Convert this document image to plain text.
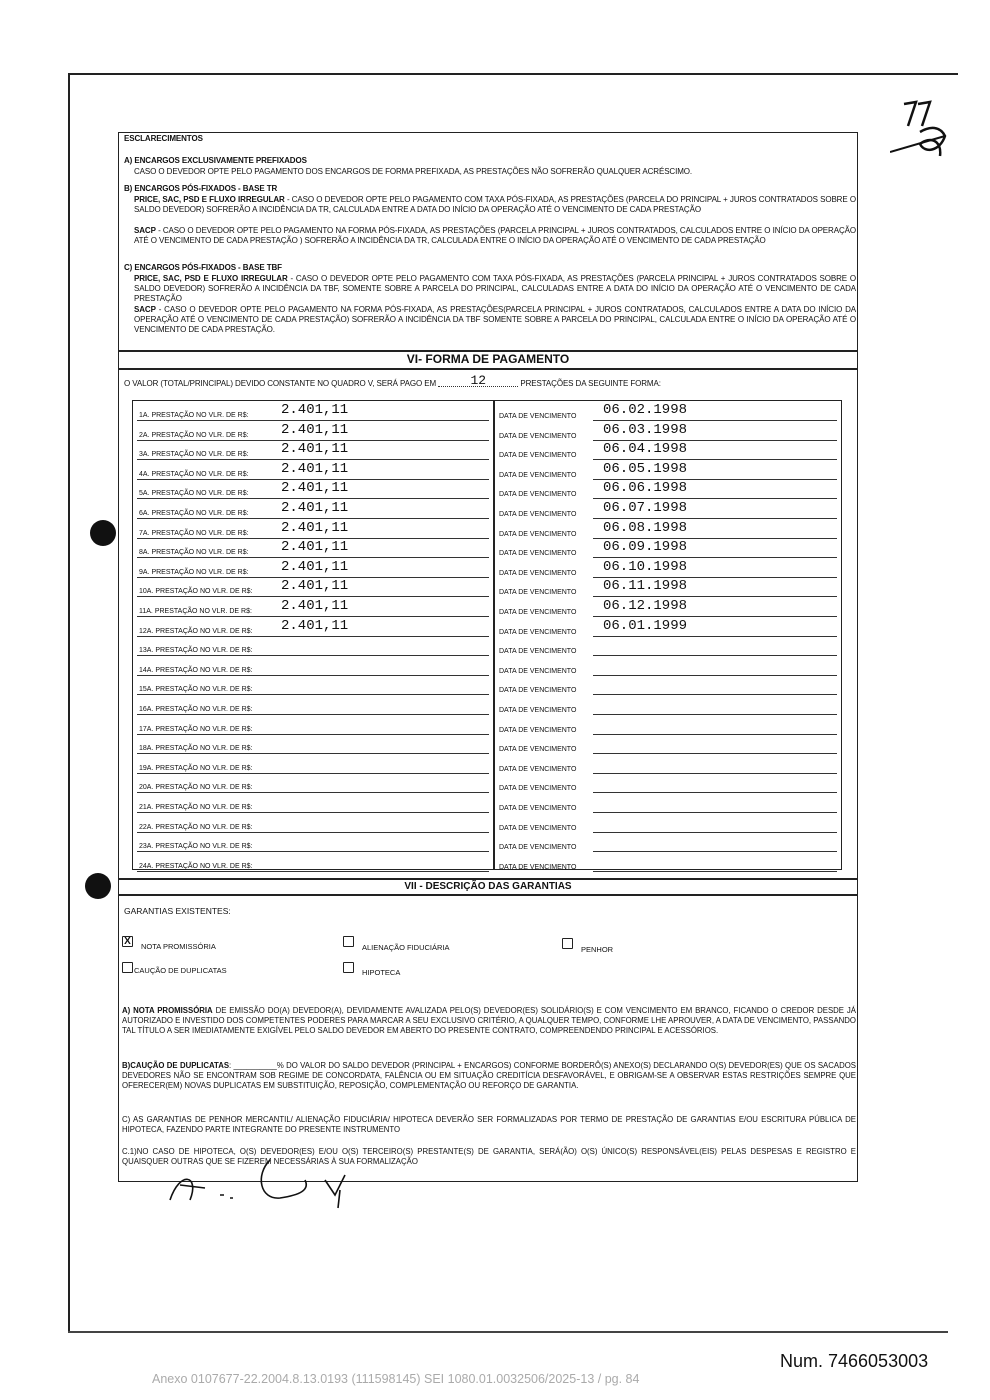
ESCLARECIMENTOS
A) ENCARGOS EXCLUSIVAMENTE PREFIXADOS
CASO O DEVEDOR OPTE PELO PAGAMENTO DOS ENCARGOS DE FORMA PREFIXADA, AS PRESTAÇÕES NÃO SOFRERÃO QUALQUER ACRÉSCIMO.
B) ENCARGOS PÓS-FIXADOS - BASE TR
PRICE, SAC, PSD E FLUXO IRREGULAR - CASO O DEVEDOR OPTE PELO PAGAMENTO COM TAXA PÓS-FIXADA, AS PRESTAÇÕES (PARCELA DO PRINCIPAL + JUROS CONTRATADOS SOBRE O SALDO DEVEDOR) SOFRERÃO A INCIDÊNCIA DA TR, CALCULADA ENTRE A DATA DO INÍCIO DA OPERAÇÃO ATÉ O VENCIMENTO DE CADA PRESTAÇÃO
SACP - CASO O DEVEDOR OPTE PELO PAGAMENTO NA FORMA PÓS-FIXADA, AS PRESTAÇÕES (PARCELA PRINCIPAL + JUROS CONTRATADOS, CALCULADOS ENTRE O INÍCIO DA OPERAÇÃO ATÉ O VENCIMENTO DE CADA PRESTAÇÃO ) SOFRERÃO A INCIDÊNCIA DA TR, CALCULADA ENTRE O INÍCIO DA OPERAÇÃO ATÉ O VENCIMENTO DE CADA PRESTAÇÃO
C) ENCARGOS PÓS-FIXADOS - BASE TBF
PRICE, SAC, PSD E FLUXO IRREGULAR - CASO O DEVEDOR OPTE PELO PAGAMENTO COM TAXA PÓS-FIXADA, AS PRESTAÇÕES (PARCELA PRINCIPAL + JUROS CONTRATADOS SOBRE O SALDO DEVEDOR) SOFRERÃO A INCIDÊNCIA DA TBF, SOMENTE SOBRE A PARCELA DO PRINCIPAL, CALCULADAS ENTRE A DATA DO INÍCIO DA OPERAÇÃO ATÉ O VENCIMENTO DE CADA PRESTAÇÃO
SACP - CASO O DEVEDOR OPTE PELO PAGAMENTO NA FORMA PÓS-FIXADA, AS PRESTAÇÕES(PARCELA PRINCIPAL + JUROS CONTRATADOS, CALCULADOS ENTRE A DATA DO INÍCIO DA OPERAÇÃO ATÉ O VENCIMENTO DE CADA PRESTAÇÃO) SOFRERÃO A INCIDÊNCIA DA TBF SOMENTE SOBRE A PARCELA DO PRINCIPAL, CALCULADA ENTRE O INÍCIO DA OPERAÇÃO ATÉ O VENCIMENTO DE CADA PRESTAÇÃO.
VI- FORMA DE PAGAMENTO
O VALOR (TOTAL/PRINCIPAL) DEVIDO CONSTANTE NO QUADRO V, SERÁ PAGO EM	12	PRESTAÇÕES DA SEGUINTE FORMA:
1A. PRESTAÇÃO NO VLR. DE R$: 2.401,11	DATA DE VENCIMENTO 06.02.1998
2A. PRESTAÇÃO NO VLR. DE R$: 2.401,11	DATA DE VENCIMENTO 06.03.1998
3A. PRESTAÇÃO NO VLR. DE R$: 2.401,11	DATA DE VENCIMENTO 06.04.1998
4A. PRESTAÇÃO NO VLR. DE R$: 2.401,11	DATA DE VENCIMENTO 06.05.1998
5A. PRESTAÇÃO NO VLR. DE R$: 2.401,11	DATA DE VENCIMENTO 06.06.1998
6A. PRESTAÇÃO NO VLR. DE R$: 2.401,11	DATA DE VENCIMENTO 06.07.1998
7A. PRESTAÇÃO NO VLR. DE R$: 2.401,11	DATA DE VENCIMENTO 06.08.1998
8A. PRESTAÇÃO NO VLR. DE R$: 2.401,11	DATA DE VENCIMENTO 06.09.1998
9A. PRESTAÇÃO NO VLR. DE R$: 2.401,11	DATA DE VENCIMENTO 06.10.1998
10A. PRESTAÇÃO NO VLR. DE R$: 2.401,11	DATA DE VENCIMENTO 06.11.1998
11A. PRESTAÇÃO NO VLR. DE R$: 2.401,11	DATA DE VENCIMENTO 06.12.1998
12A. PRESTAÇÃO NO VLR. DE R$: 2.401,11	DATA DE VENCIMENTO 06.01.1999
13A. PRESTAÇÃO NO VLR. DE R$:	DATA DE VENCIMENTO
14A. PRESTAÇÃO NO VLR. DE R$:	DATA DE VENCIMENTO
15A. PRESTAÇÃO NO VLR. DE R$:	DATA DE VENCIMENTO
16A. PRESTAÇÃO NO VLR. DE R$:	DATA DE VENCIMENTO
17A. PRESTAÇÃO NO VLR. DE R$:	DATA DE VENCIMENTO
18A. PRESTAÇÃO NO VLR. DE R$:	DATA DE VENCIMENTO
19A. PRESTAÇÃO NO VLR. DE R$:	DATA DE VENCIMENTO
20A. PRESTAÇÃO NO VLR. DE R$:	DATA DE VENCIMENTO
21A. PRESTAÇÃO NO VLR. DE R$:	DATA DE VENCIMENTO
22A. PRESTAÇÃO NO VLR. DE R$:	DATA DE VENCIMENTO
23A. PRESTAÇÃO NO VLR. DE R$:	DATA DE VENCIMENTO
24A. PRESTAÇÃO NO VLR. DE R$:	DATA DE VENCIMENTO
VII - DESCRIÇÃO DAS GARANTIAS
GARANTIAS EXISTENTES:
X NOTA PROMISSÓRIA	ALIENAÇÃO FIDUCIÁRIA	PENHOR
CAUÇÃO DE DUPLICATAS	HIPOTECA
A) NOTA PROMISSÓRIA DE EMISSÃO DO(A) DEVEDOR(A), DEVIDAMENTE AVALIZADA PELO(S) DEVEDOR(ES) SOLIDÁRIO(S) E COM VENCIMENTO EM BRANCO, FICANDO O CREDOR DESDE JÁ AUTORIZADO E INVESTIDO DOS COMPETENTES PODERES PARA MARCAR A SEU EXCLUSIVO CRITÉRIO, A QUALQUER TEMPO, CONFORME LHE APROUVER, A DATA DE VENCIMENTO, PASSANDO TAL TÍTULO A SER IMEDIATAMENTE EXIGÍVEL PELO SALDO DEVEDOR EM ABERTO DO PRESENTE CONTRATO, COMPREENDENDO PRINCIPAL E ACESSÓRIOS.
B)CAUÇÃO DE DUPLICATAS: __________% DO VALOR DO SALDO DEVEDOR (PRINCIPAL + ENCARGOS) CONFORME BORDERÔ(S) ANEXO(S) DECLARANDO O(S) DEVEDOR(ES) QUE OS SACADOS DEVEDORES NÃO SE ENCONTRAM SOB REGIME DE CONCORDATA, FALÊNCIA OU EM SITUAÇÃO CREDITÍCIA DESFAVORÁVEL, E OBRIGAM-SE A OBSERVAR ESTAS RESTRIÇÕES SEMPRE QUE OFERECER(EM) NOVAS DUPLICATAS EM SUBSTITUIÇÃO, REPOSIÇÃO, COMPLEMENTAÇÃO OU REFORÇO DE GARANTIA.
C) AS GARANTIAS DE PENHOR MERCANTIL/ ALIENAÇÃO FIDUCIÁRIA/ HIPOTECA DEVERÃO SER FORMALIZADAS POR TERMO DE PRESTAÇÃO DE GARANTIAS E/OU ESCRITURA PÚBLICA DE HIPOTECA, FAZENDO PARTE INTEGRANTE DO PRESENTE INSTRUMENTO
C.1)NO CASO DE HIPOTECA, O(S) DEVEDOR(ES) E/OU O(S) TERCEIRO(S) PRESTANTE(S) DE GARANTIA, SERÁ(ÃO) O(S) ÚNICO(S) RESPONSÁVEL(EIS) PELAS DESPESAS E REGISTRO E QUAISQUER OUTRAS QUE SE FIZEREM NECESSÁRIAS À SUA FORMALIZAÇÃO
Num. 7466053003
Anexo 0107677-22.2004.8.13.0193 (111598145) SEI 1080.01.0032506/2025-13 / pg. 84
